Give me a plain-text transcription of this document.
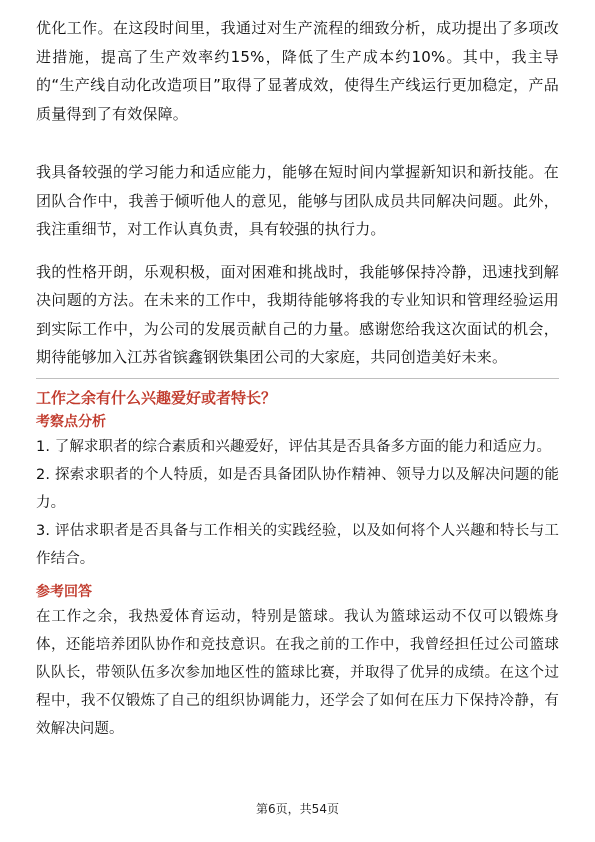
优化工作。在这段时间里，我通过对生产流程的细致分析，成功提出了多项改进措施，提高了生产效率约15%，降低了生产成本约10%。其中，我主导的“生产线自动化改造项目”取得了显著成效，使得生产线运行更加稳定，产品质量得到了有效保障。

我具备较强的学习能力和适应能力，能够在短时间内掌握新知识和新技能。在团队合作中，我善于倾听他人的意见，能够与团队成员共同解决问题。此外，我注重细节，对工作认真负责，具有较强的执行力。

我的性格开朗，乐观积极，面对困难和挑战时，我能够保持冷静，迅速找到解决问题的方法。在未来的工作中，我期待能够将我的专业知识和管理经验运用到实际工作中，为公司的发展贡献自己的力量。感谢您给我这次面试的机会，期待能够加入江苏省镔鑫钢铁集团公司的大家庭，共同创造美好未来。

工作之余有什么兴趣爱好或者特长？

考察点分析

1. 了解求职者的综合素质和兴趣爱好，评估其是否具备多方面的能力和适应力。

2. 探索求职者的个人特质，如是否具备团队协作精神、领导力以及解决问题的能力。

3. 评估求职者是否具备与工作相关的实践经验，以及如何将个人兴趣和特长与工作结合。

参考回答

在工作之余，我热爱体育运动，特别是篮球。我认为篮球运动不仅可以锻炼身体，还能培养团队协作和竞技意识。在我之前的工作中，我曾经担任过公司篮球队队长，带领队伍多次参加地区性的篮球比赛，并取得了优异的成绩。在这个过程中，我不仅锻炼了自己的组织协调能力，还学会了如何在压力下保持冷静，有效解决问题。

第6页，共54页
